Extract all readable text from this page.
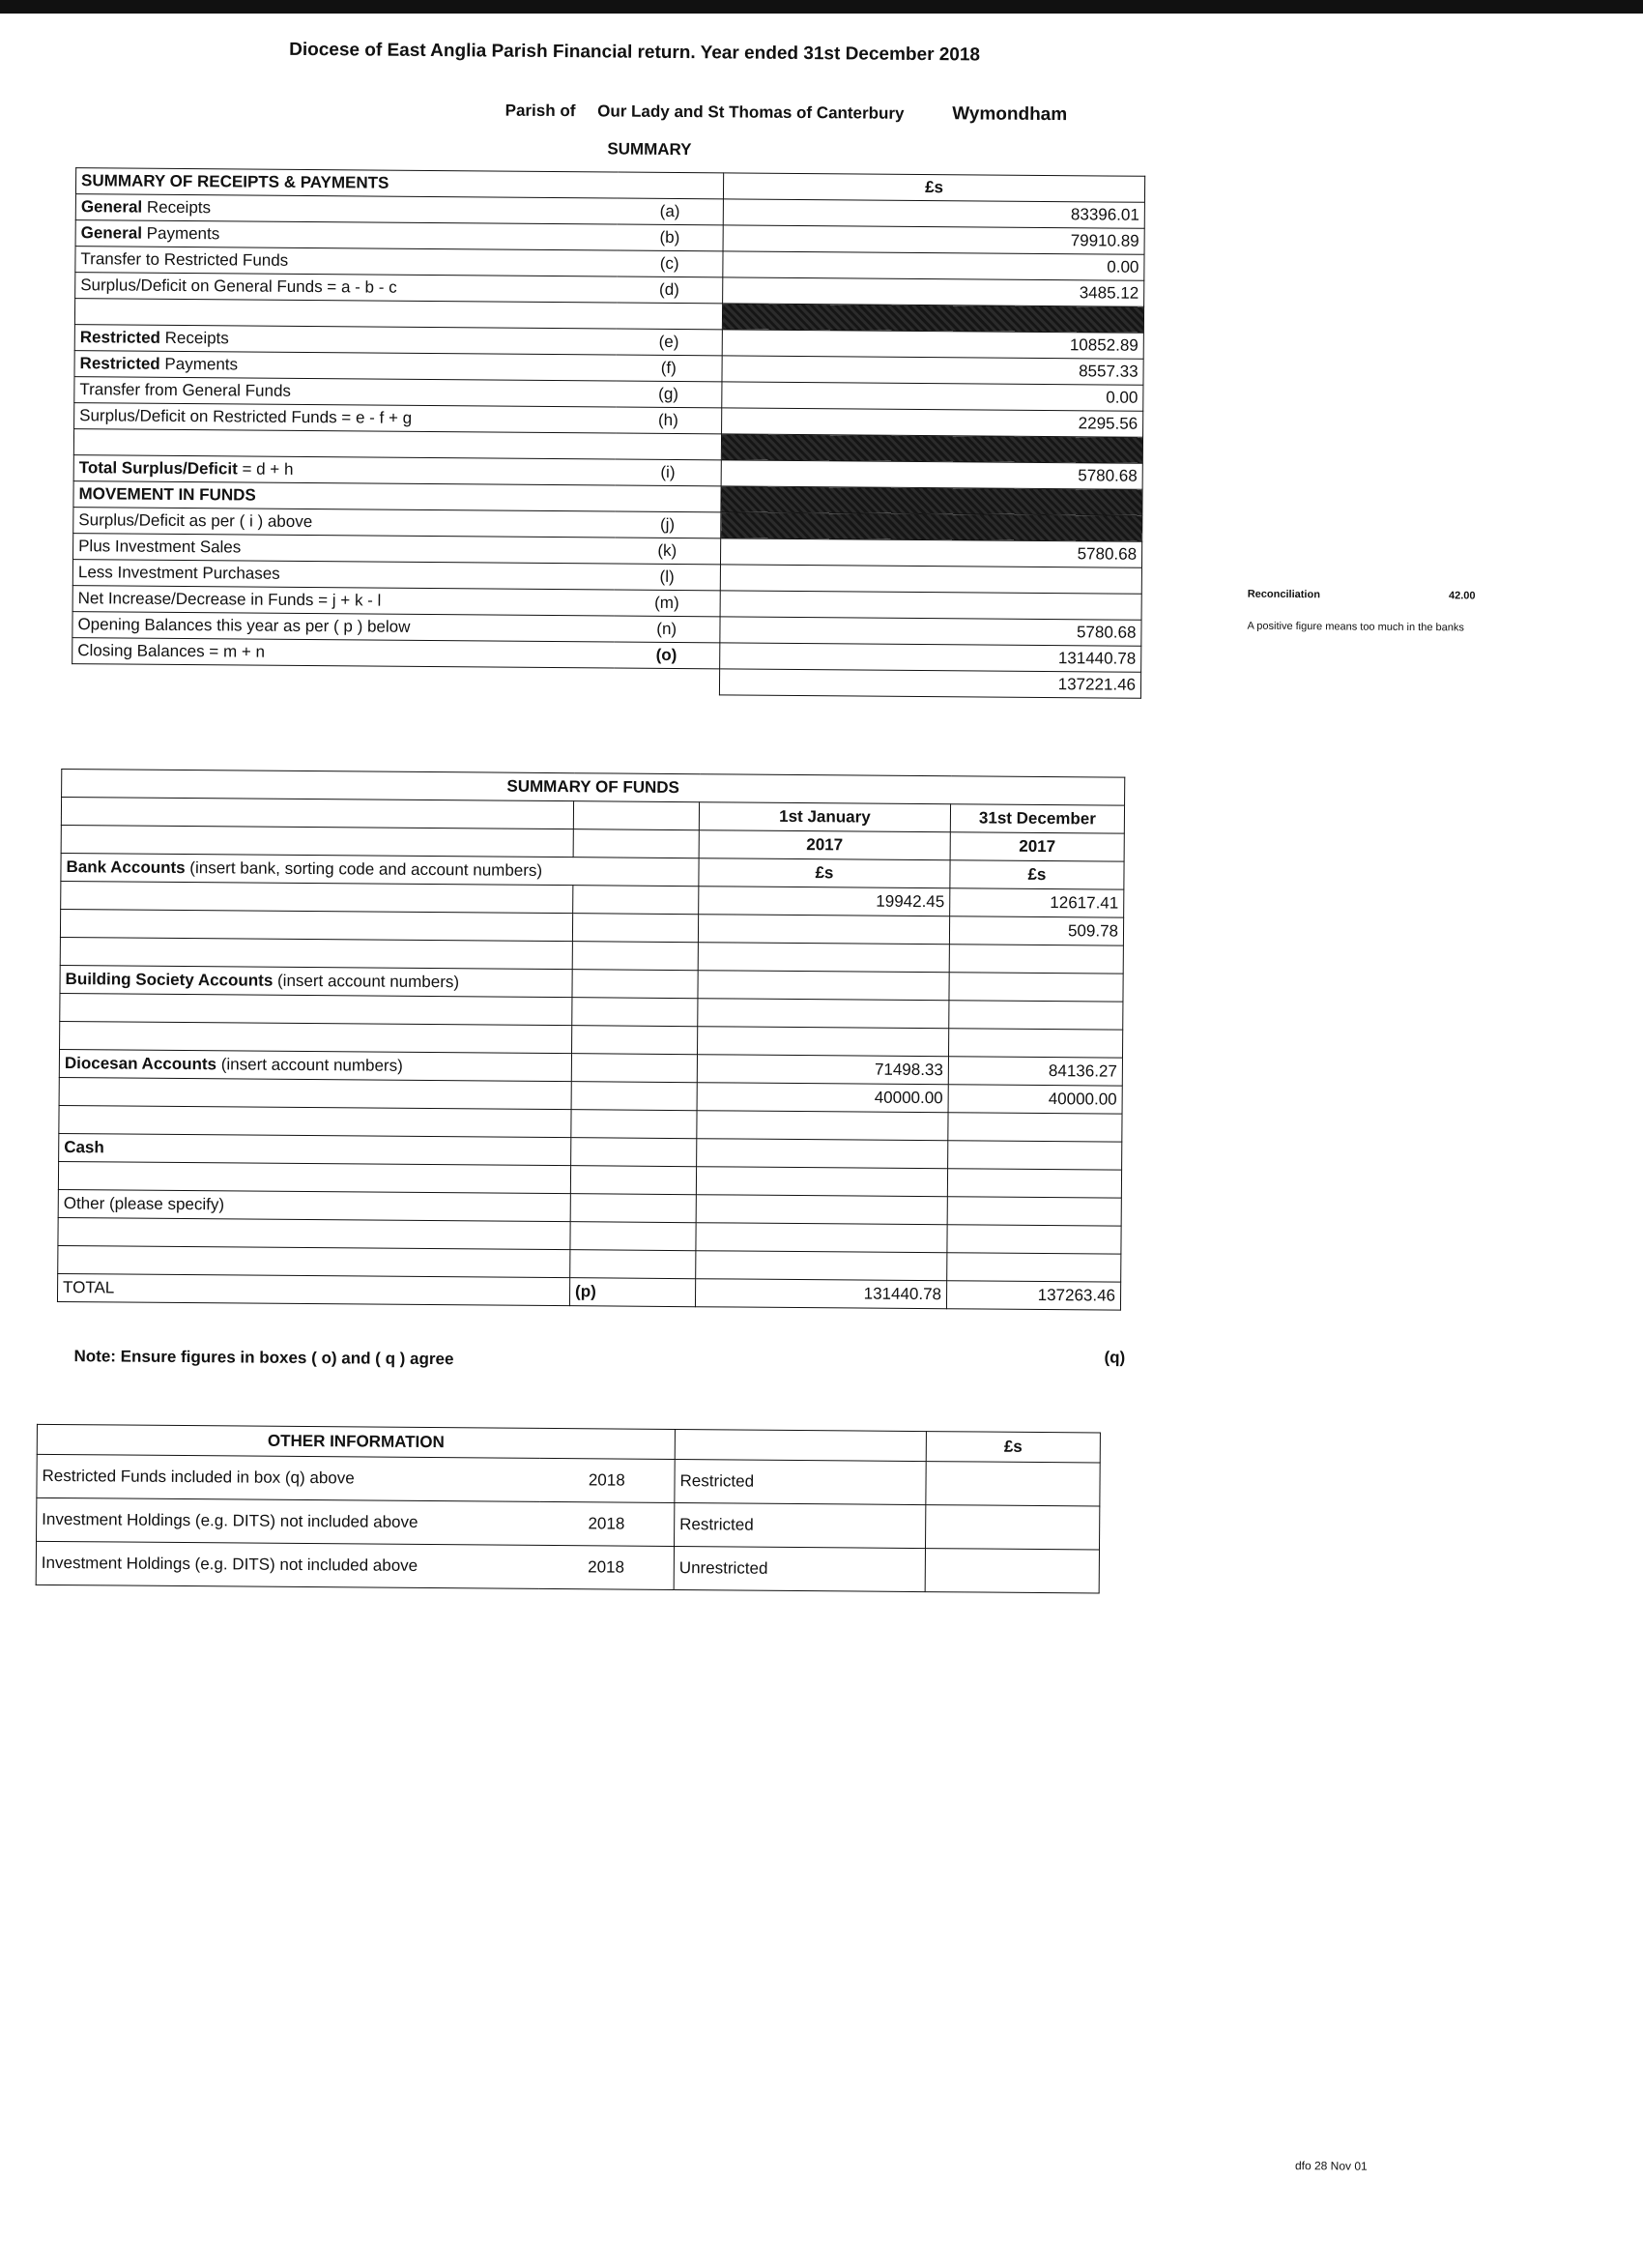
Diocese of East Anglia Parish Financial return. Year ended 31st December 2018
Parish of Our Lady and St Thomas of Canterbury	Wymondham
SUMMARY
SUMMARY OF RECEIPTS & PAYMENTS		£s
General Receipts	(a)	83396.01
General Payments	(b)	79910.89
Transfer to Restricted Funds	(c)	0.00
Surplus/Deficit on General Funds = a - b - c	(d)	3485.12

Restricted Receipts	(e)	10852.89
Restricted Payments	(f)	8557.33
Transfer from General Funds	(g)	0.00
Surplus/Deficit on Restricted Funds = e - f + g	(h)	2295.56

Total Surplus/Deficit = d + h	(i)	5780.68
MOVEMENT IN FUNDS		
Surplus/Deficit as per ( i ) above	(j)	
Plus Investment Sales	(k)	5780.68
Less Investment Purchases	(l)	
Net Increase/Decrease in Funds = j + k - l	(m)	
Opening Balances this year as per ( p ) below	(n)	5780.68
Closing Balances = m + n	(o)	131440.78
		137221.46
SUMMARY OF FUNDS			
		1st January	31st December
		2017	2017
Bank Accounts (insert bank, sorting code and account numbers)		£s	£s
		19942.45	12617.41
			509.78

Building Society Accounts (insert account numbers)			

Diocesan Accounts (insert account numbers)		71498.33	84136.27
		40000.00	40000.00

Cash			

Other (please specify)			

TOTAL	(p)	131440.78	137263.46
(q)
Note: Ensure figures in boxes ( o) and ( q ) agree
OTHER INFORMATION			£s
Restricted Funds included in box (q) above	2018	Restricted	
Investment Holdings (e.g. DITS) not included above	2018	Restricted	
Investment Holdings (e.g. DITS) not included above	2018	Unrestricted	
Reconciliation	42.00
A positive figure means too much in the banks
dfo 28 Nov 01
